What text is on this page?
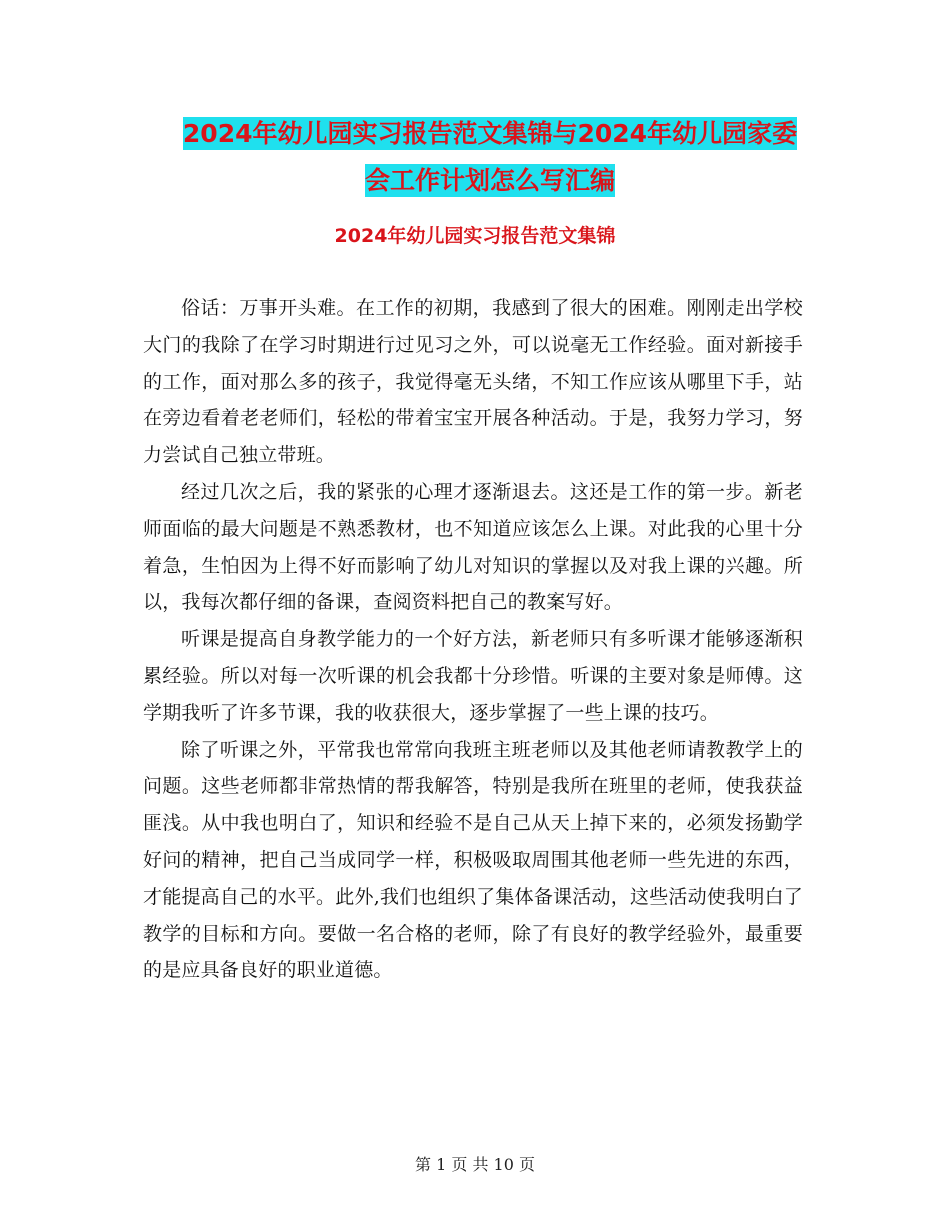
2024年幼儿园实习报告范文集锦与2024年幼儿园家委
会工作计划怎么写汇编
2024年幼儿园实习报告范文集锦

俗话：万事开头难。在工作的初期，我感到了很大的困难。刚刚走出学校大门的我除了在学习时期进行过见习之外，可以说毫无工作经验。面对新接手的工作，面对那么多的孩子，我觉得毫无头绪，不知工作应该从哪里下手，站在旁边看着老老师们，轻松的带着宝宝开展各种活动。于是，我努力学习，努力尝试自己独立带班。

经过几次之后，我的紧张的心理才逐渐退去。这还是工作的第一步。新老师面临的最大问题是不熟悉教材，也不知道应该怎么上课。对此我的心里十分着急，生怕因为上得不好而影响了幼儿对知识的掌握以及对我上课的兴趣。所以，我每次都仔细的备课，查阅资料把自己的教案写好。

听课是提高自身教学能力的一个好方法，新老师只有多听课才能够逐渐积累经验。所以对每一次听课的机会我都十分珍惜。听课的主要对象是师傅。这学期我听了许多节课，我的收获很大，逐步掌握了一些上课的技巧。

除了听课之外，平常我也常常向我班主班老师以及其他老师请教教学上的问题。这些老师都非常热情的帮我解答，特别是我所在班里的老师，使我获益匪浅。从中我也明白了，知识和经验不是自己从天上掉下来的，必须发扬勤学好问的精神，把自己当成同学一样，积极吸取周围其他老师一些先进的东西，才能提高自己的水平。此外,我们也组织了集体备课活动，这些活动使我明白了教学的目标和方向。要做一名合格的老师，除了有良好的教学经验外，最重要的是应具备良好的职业道德。

第 1 页 共 10 页
